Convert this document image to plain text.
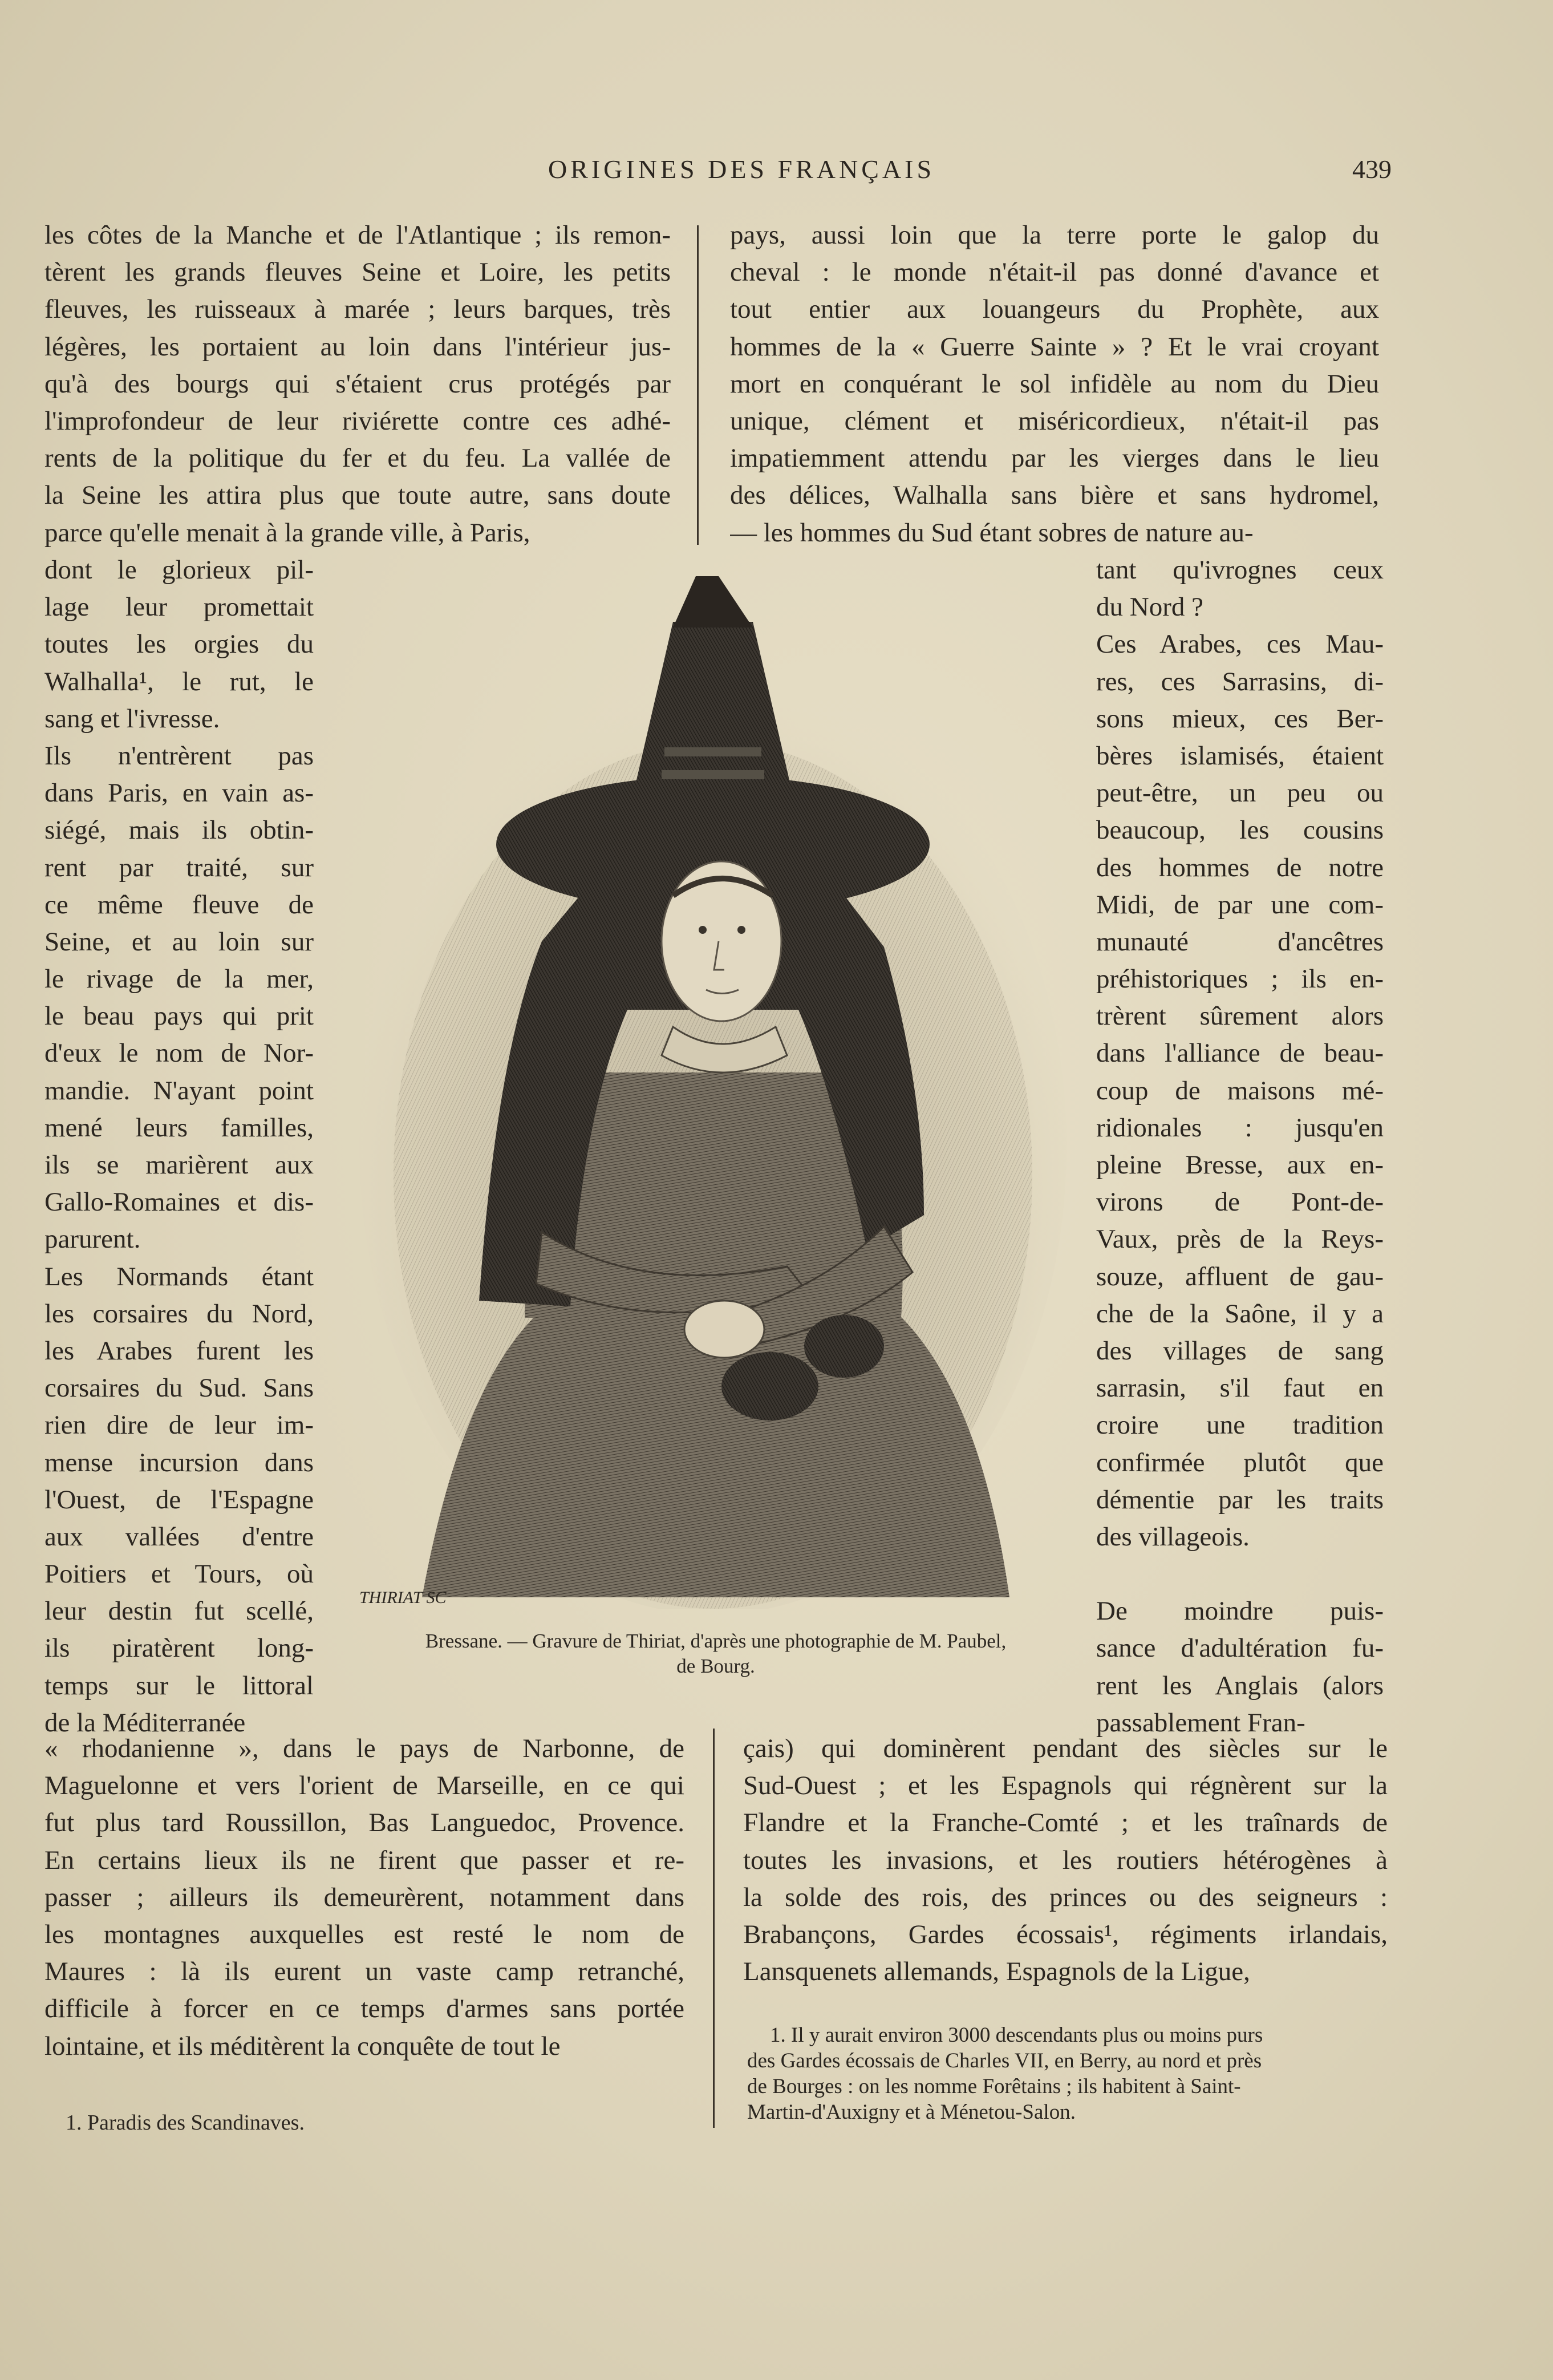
ORIGINES DES FRANÇAIS	439
les côtes de la Manche et de l'Atlantique ; ils remon-
tèrent les grands fleuves Seine et Loire, les petits
fleuves, les ruisseaux à marée ; leurs barques, très
légères, les portaient au loin dans l'intérieur jus-
qu'à des bourgs qui s'étaient crus protégés par
l'improfondeur de leur riviérette contre ces adhé-
rents de la politique du fer et du feu. La vallée de
la Seine les attira plus que toute autre, sans doute
parce qu'elle menait à la grande ville, à Paris,
dont le glorieux pil-
lage leur promettait
toutes les orgies du
Walhalla¹, le rut, le
sang et l'ivresse.
Ils n'entrèrent pas
dans Paris, en vain as-
siégé, mais ils obtin-
rent par traité, sur
ce même fleuve de
Seine, et au loin sur
le rivage de la mer,
le beau pays qui prit
d'eux le nom de Nor-
mandie. N'ayant point
mené leurs familles,
ils se marièrent aux
Gallo-Romaines et dis-
parurent.
Les Normands étant
les corsaires du Nord,
les Arabes furent les
corsaires du Sud. Sans
rien dire de leur im-
mense incursion dans
l'Ouest, de l'Espagne
aux vallées d'entre
Poitiers et Tours, où
leur destin fut scellé,
ils piratèrent long-
temps sur le littoral
de la Méditerranée
« rhodanienne », dans le pays de Narbonne, de
Maguelonne et vers l'orient de Marseille, en ce qui
fut plus tard Roussillon, Bas Languedoc, Provence.
En certains lieux ils ne firent que passer et re-
passer ; ailleurs ils demeurèrent, notamment dans
les montagnes auxquelles est resté le nom de
Maures : là ils eurent un vaste camp retranché,
difficile à forcer en ce temps d'armes sans portée
lointaine, et ils méditèrent la conquête de tout le
1. Paradis des Scandinaves.
pays, aussi loin que la terre porte le galop du
cheval : le monde n'était-il pas donné d'avance et
tout entier aux louangeurs du Prophète, aux
hommes de la « Guerre Sainte » ? Et le vrai croyant
mort en conquérant le sol infidèle au nom du Dieu
unique, clément et miséricordieux, n'était-il pas
impatiemment attendu par les vierges dans le lieu
des délices, Walhalla sans bière et sans hydromel,
— les hommes du Sud étant sobres de nature au-
tant qu'ivrognes ceux
du Nord ?
Ces Arabes, ces Mau-
res, ces Sarrasins, di-
sons mieux, ces Ber-
bères islamisés, étaient
peut-être, un peu ou
beaucoup, les cousins
des hommes de notre
Midi, de par une com-
munauté d'ancêtres
préhistoriques ; ils en-
trèrent sûrement alors
dans l'alliance de beau-
coup de maisons mé-
ridionales : jusqu'en
pleine Bresse, aux en-
virons de Pont-de-
Vaux, près de la Reys-
souze, affluent de gau-
che de la Saône, il y a
des villages de sang
sarrasin, s'il faut en
croire une tradition
confirmée plutôt que
démentie par les traits
des villageois.
De moindre puis-
sance d'adultération fu-
rent les Anglais (alors
passablement Fran-
çais) qui dominèrent pendant des siècles sur le
Sud-Ouest ; et les Espagnols qui régnèrent sur la
Flandre et la Franche-Comté ; et les traînards de
toutes les invasions, et les routiers hétérogènes à
la solde des rois, des princes ou des seigneurs :
Brabançons, Gardes écossais¹, régiments irlandais,
Lansquenets allemands, Espagnols de la Ligue,
1. Il y aurait environ 3000 descendants plus ou moins purs
des Gardes écossais de Charles VII, en Berry, au nord et près
de Bourges : on les nomme Forêtains ; ils habitent à Saint-
Martin-d'Auxigny et à Ménetou-Salon.
THIRIAT SC
Bressane. — Gravure de Thiriat, d'après une photographie de M. Paubel,
de Bourg.
